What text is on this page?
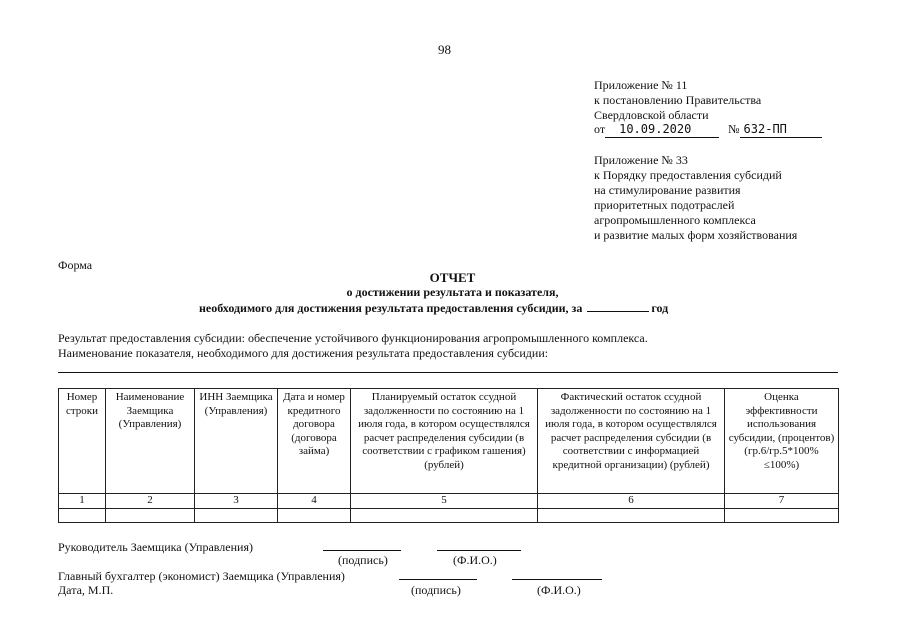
98
Приложение № 11
к постановлению Правительства
Свердловской области
от 10.09.2020	№ 632-ПП
Приложение № 33
к Порядку предоставления субсидий
на стимулирование развития
приоритетных подотраслей
агропромышленного комплекса
и развитие малых форм хозяйствования
Форма
ОТЧЕТ
о достижении результата и показателя,
необходимого для достижения результата предоставления субсидии, за	год
Результат предоставления субсидии: обеспечение устойчивого функционирования агропромышленного комплекса.
Наименование показателя, необходимого для достижения результата предоставления субсидии:
Номер строки	Наименование Заемщика (Управления)	ИНН Заемщика (Управления)	Дата и номер кредитного договора (договора займа)	Планируемый остаток ссудной задолженности по состоянию на 1 июля года, в котором осуществлялся расчет распределения субсидии (в соответствии с графиком гашения) (рублей)	Фактический остаток ссудной задолженности по состоянию на 1 июля года, в котором осуществлялся расчет распределения субсидии (в соответствии с информацией кредитной организации) (рублей)	Оценка эффективности использования субсидии, (процентов) (гр.6/гр.5*100% ≤100%)
1	2	3	4	5	6	7

Руководитель Заемщика (Управления)
(подпись)	(Ф.И.О.)
Главный бухгалтер (экономист) Заемщика (Управления)
Дата, М.П.	(подпись)	(Ф.И.О.)
